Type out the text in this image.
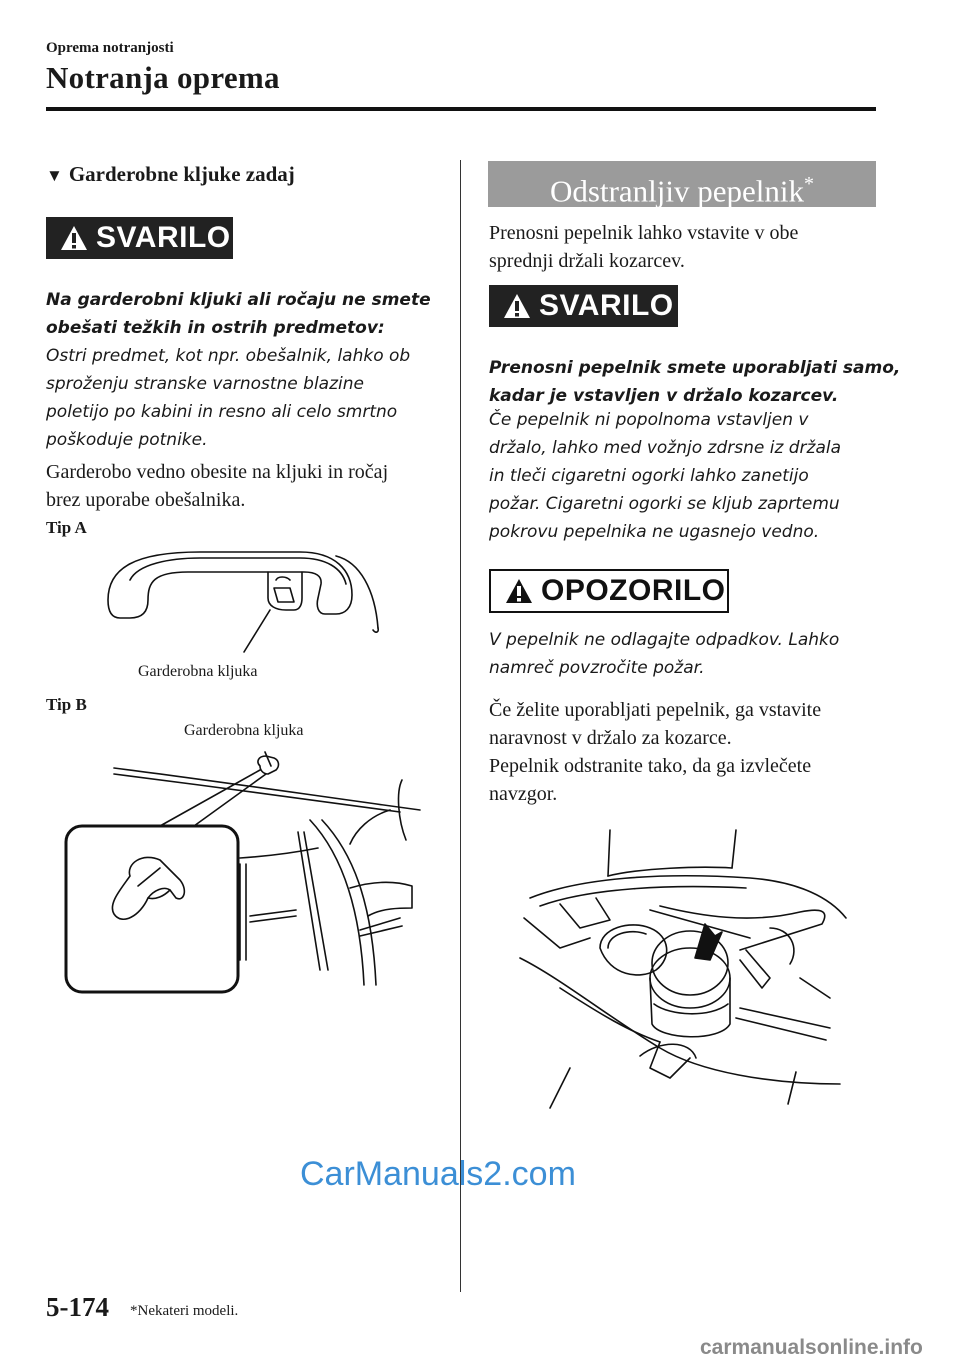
Oprema notranjosti
Notranja oprema
▼ Garderobne kljuke zadaj
SVARILO
Na garderobni kljuki ali ročaju ne smete
obešati težkih in ostrih predmetov:
Ostri predmet, kot npr. obešalnik, lahko ob
sproženju stranske varnostne blazine
poletijo po kabini in resno ali celo smrtno
poškoduje potnike.
Garderobo vedno obesite na kljuki in ročaj
brez uporabe obešalnika.
Tip A
Garderobna kljuka
Tip B
Garderobna kljuka
Odstranljiv pepelnik*
Prenosni pepelnik lahko vstavite v obe
sprednji držali kozarcev.
SVARILO
Prenosni pepelnik smete uporabljati samo,
kadar je vstavljen v držalo kozarcev.
Če pepelnik ni popolnoma vstavljen v
držalo, lahko med vožnjo zdrsne iz držala
in tleči cigaretni ogorki lahko zanetijo
požar. Cigaretni ogorki se kljub zaprtemu
pokrovu pepelnika ne ugasnejo vedno.
OPOZORILO
V pepelnik ne odlagajte odpadkov. Lahko
namreč povzročite požar.
Če želite uporabljati pepelnik, ga vstavite
naravnost v držalo za kozarce.
Pepelnik odstranite tako, da ga izvlečete
navzgor.
5-174 *Nekateri modeli.
CarManuals2.com
carmanualsonline.info
